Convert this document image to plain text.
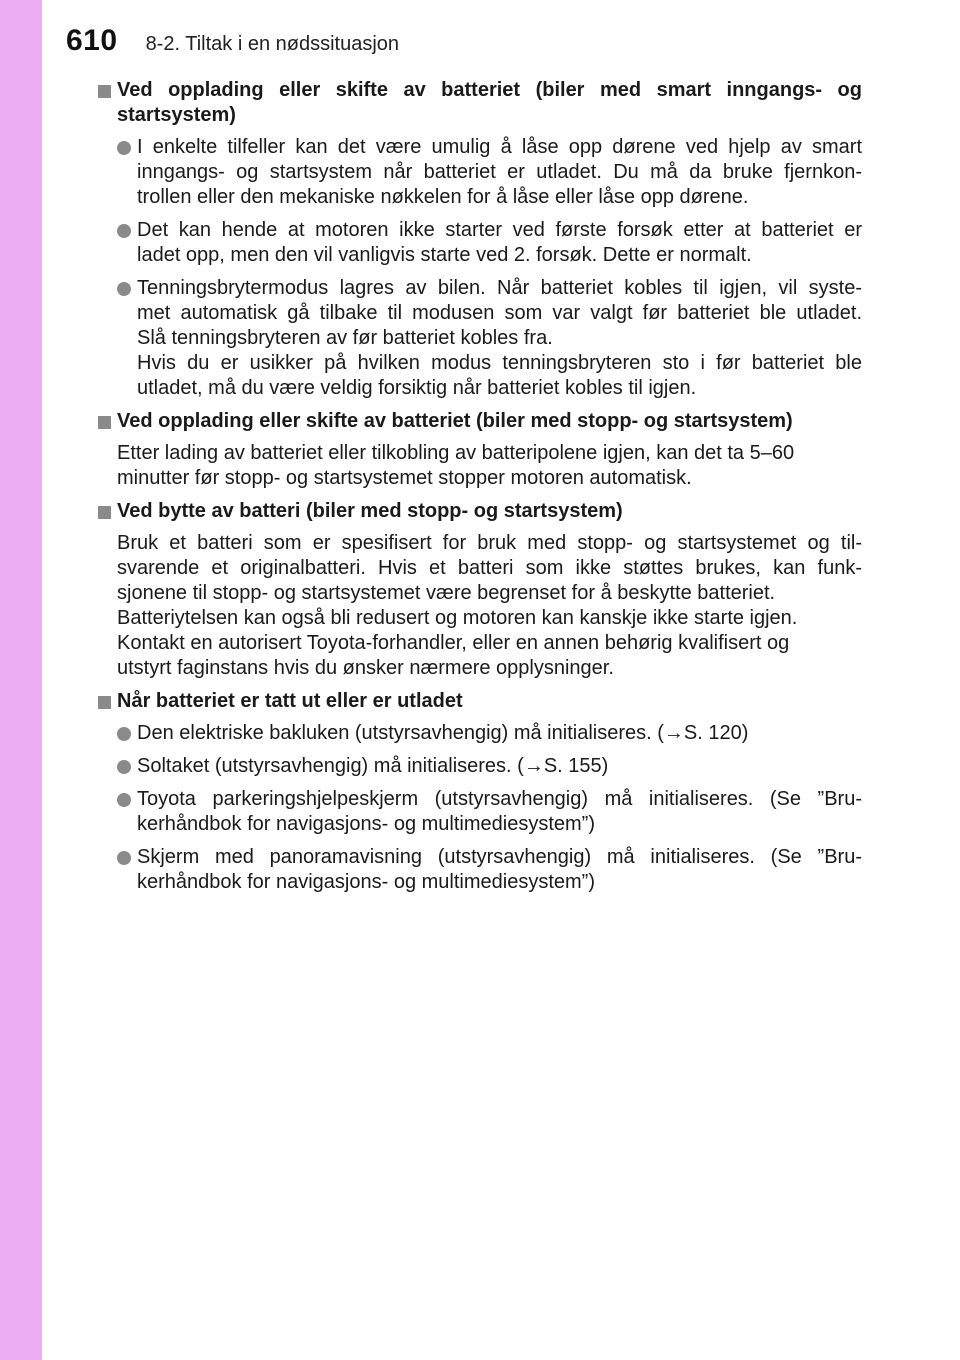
610 8-2. Tiltak i en nødssituasjon
Ved opplading eller skifte av batteriet (biler med smart inngangs- og
startsystem)
I enkelte tilfeller kan det være umulig å låse opp dørene ved hjelp av smart
inngangs- og startsystem når batteriet er utladet. Du må da bruke fjernkon-
trollen eller den mekaniske nøkkelen for å låse eller låse opp dørene.
Det kan hende at motoren ikke starter ved første forsøk etter at batteriet er
ladet opp, men den vil vanligvis starte ved 2. forsøk. Dette er normalt.
Tenningsbrytermodus lagres av bilen. Når batteriet kobles til igjen, vil syste-
met automatisk gå tilbake til modusen som var valgt før batteriet ble utladet.
Slå tenningsbryteren av før batteriet kobles fra.
Hvis du er usikker på hvilken modus tenningsbryteren sto i før batteriet ble
utladet, må du være veldig forsiktig når batteriet kobles til igjen.
Ved opplading eller skifte av batteriet (biler med stopp- og startsystem)
Etter lading av batteriet eller tilkobling av batteripolene igjen, kan det ta 5–60
minutter før stopp- og startsystemet stopper motoren automatisk.
Ved bytte av batteri (biler med stopp- og startsystem)
Bruk et batteri som er spesifisert for bruk med stopp- og startsystemet og til-
svarende et originalbatteri. Hvis et batteri som ikke støttes brukes, kan funk-
sjonene til stopp- og startsystemet være begrenset for å beskytte batteriet.
Batteriytelsen kan også bli redusert og motoren kan kanskje ikke starte igjen.
Kontakt en autorisert Toyota-forhandler, eller en annen behørig kvalifisert og
utstyrt faginstans hvis du ønsker nærmere opplysninger.
Når batteriet er tatt ut eller er utladet
Den elektriske bakluken (utstyrsavhengig) må initialiseres. (→S. 120)
Soltaket (utstyrsavhengig) må initialiseres. (→S. 155)
Toyota parkeringshjelpeskjerm (utstyrsavhengig) må initialiseres. (Se ”Bru-
kerhåndbok for navigasjons- og multimediesystem”)
Skjerm med panoramavisning (utstyrsavhengig) må initialiseres. (Se ”Bru-
kerhåndbok for navigasjons- og multimediesystem”)
